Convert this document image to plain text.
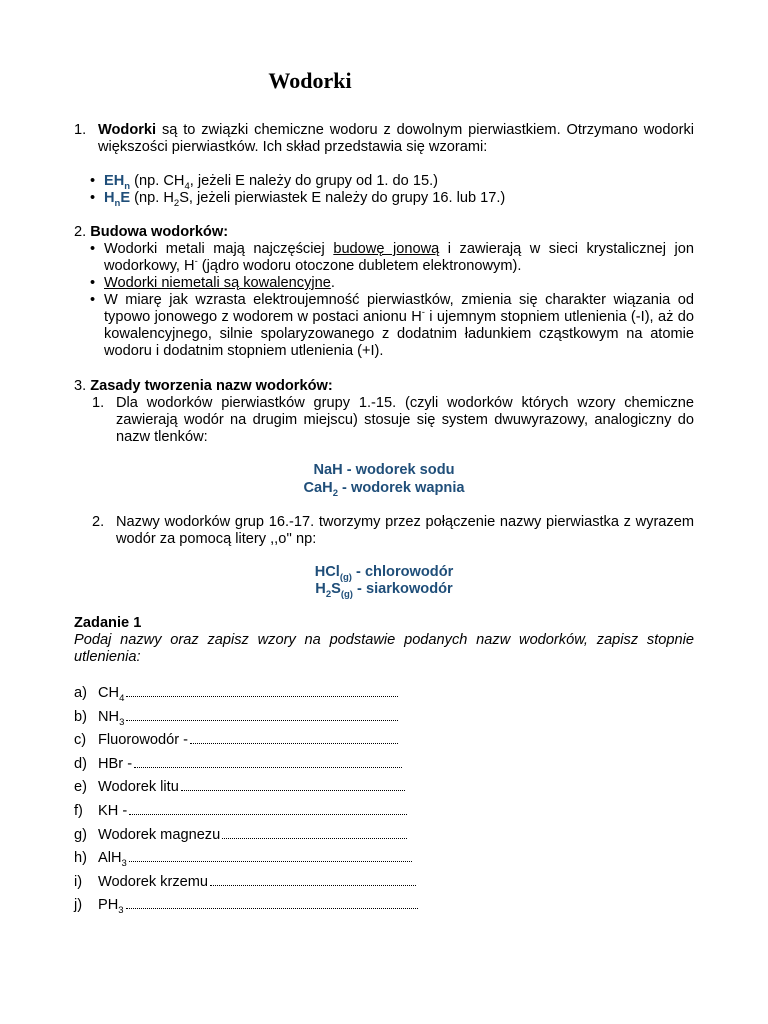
Wodorki
1. Wodorki są to związki chemiczne wodoru z dowolnym pierwiastkiem. Otrzymano wodorki większości pierwiastków. Ich skład przedstawia się wzorami:
• $EH_n$ (np. $CH_4$, jeżeli E należy do grupy od 1. do 15.)
• $H_nE$ (np. $H_2S$, jeżeli pierwiastek E należy do grupy 16. lub 17.)
2. Budowa wodorków:
• Wodorki metali mają najczęściej budowę jonową i zawierają w sieci krystalicznej jon wodorkowy, H- (jądro wodoru otoczone dubletem elektronowym).
• Wodorki niemetali są kowalencyjne.
• W miarę jak wzrasta elektroujemność pierwiastków, zmienia się charakter wiązania od typowo jonowego z wodorem w postaci anionu H- i ujemnym stopniem utlenienia (-I), aż do kowalencyjnego, silnie spolaryzowanego z dodatnim ładunkiem cząstkowym na atomie wodoru i dodatnim stopniem utlenienia (+I).
3. Zasady tworzenia nazw wodorków:
1. Dla wodorków pierwiastków grupy 1.-15. (czyli wodorków których wzory chemiczne zawierają wodór na drugim miejscu) stosuje się system dwuwyrazowy, analogiczny do nazw tlenków:
NaH - wodorek sodu
CaH$_2$ - wodorek wapnia
2. Nazwy wodorków grup 16.-17. tworzymy przez połączenie nazwy pierwiastka z wyrazem wodór za pomocą litery ,,o'' np:
HCl$_{(g)}$ - chlorowodór
$H_2S_{(g)}$ - siarkowodór
Zadanie 1
Podaj nazwy oraz zapisz wzory na podstawie podanych nazw wodorków, zapisz stopnie utlenienia:
a) $CH_4$
b) $NH_3$
c) Fluorowodór -
d) HBr -
e) Wodorek litu
f) KH -
g) Wodorek magnezu
h) AlH$_3$
i) Wodorek krzemu
j) $PH_3$
